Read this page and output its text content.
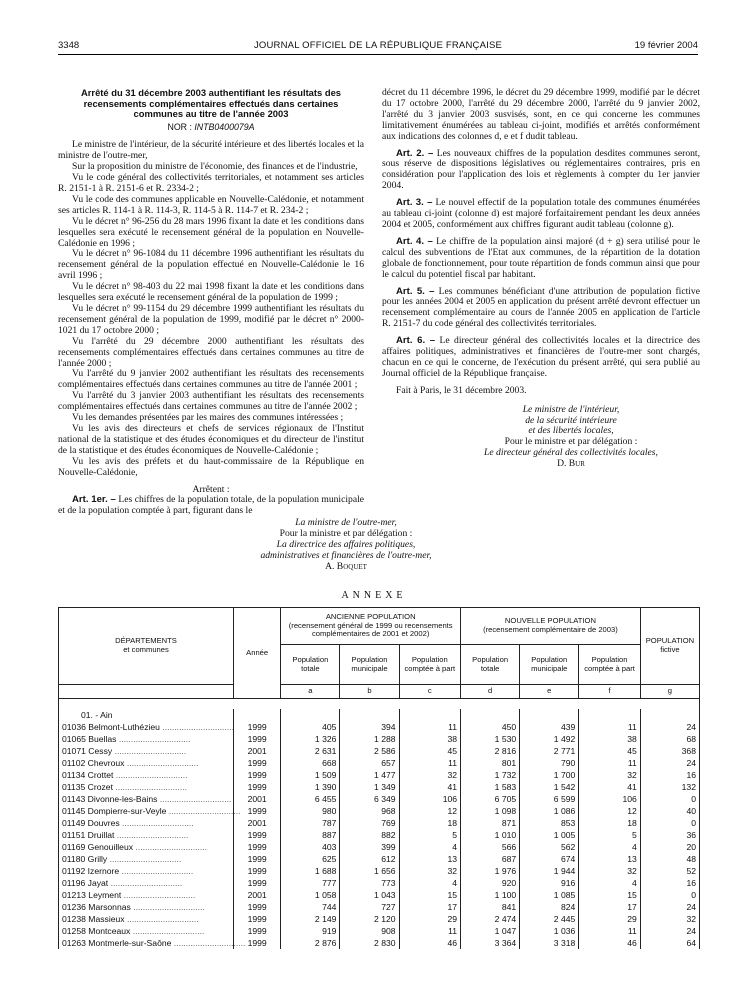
3348	JOURNAL OFFICIEL DE LA RÉPUBLIQUE FRANÇAISE	19 février 2004

Arrêté du 31 décembre 2003 authentifiant les résultats des recensements complémentaires effectués dans certaines communes au titre de l'année 2003

NOR : INTB0400079A

Le ministre de l'intérieur, de la sécurité intérieure et des libertés locales et la ministre de l'outre-mer,

Sur la proposition du ministre de l'économie, des finances et de l'industrie,

Vu le code général des collectivités territoriales, et notamment ses articles R. 2151-1 à R. 2151-6 et R. 2334-2 ;

Vu le code des communes applicable en Nouvelle-Calédonie, et notamment ses articles R. 114-1 à R. 114-3, R. 114-5 à R. 114-7 et R. 234-2 ;

Vu le décret n° 96-256 du 28 mars 1996 fixant la date et les conditions dans lesquelles sera exécuté le recensement général de la population en Nouvelle-Calédonie en 1996 ;

Vu le décret n° 96-1084 du 11 décembre 1996 authentifiant les résultats du recensement général de la population effectué en Nouvelle-Calédonie le 16 avril 1996 ;

Vu le décret n° 98-403 du 22 mai 1998 fixant la date et les conditions dans lesquelles sera exécuté le recensement général de la population de 1999 ;

Vu le décret n° 99-1154 du 29 décembre 1999 authentifiant les résultats du recensement général de la population de 1999, modifié par le décret n° 2000-1021 du 17 octobre 2000 ;

Vu l'arrêté du 29 décembre 2000 authentifiant les résultats des recensements complémentaires effectués dans certaines communes au titre de l'année 2000 ;

Vu l'arrêté du 9 janvier 2002 authentifiant les résultats des recensements complémentaires effectués dans certaines communes au titre de l'année 2001 ;

Vu l'arrêté du 3 janvier 2003 authentifiant les résultats des recensements complémentaires effectués dans certaines communes au titre de l'année 2002 ;

Vu les demandes présentées par les maires des communes intéressées ;

Vu les avis des directeurs et chefs de services régionaux de l'Institut national de la statistique et des études économiques et du directeur de l'institut de la statistique et des études économiques de Nouvelle-Calédonie ;

Vu les avis des préfets et du haut-commissaire de la République en Nouvelle-Calédonie,

Arrêtent :

Art. 1er. – Les chiffres de la population totale, de la population municipale et de la population comptée à part, figurant dans le

décret du 11 décembre 1996, le décret du 29 décembre 1999, modifié par le décret du 17 octobre 2000, l'arrêté du 29 décembre 2000, l'arrêté du 9 janvier 2002, l'arrêté du 3 janvier 2003 susvisés, sont, en ce qui concerne les communes limitativement énumérées au tableau ci-joint, modifiés et arrêtés conformément aux indications des colonnes d, e et f dudit tableau.

Art. 2. – Les nouveaux chiffres de la population desdites communes seront, sous réserve de dispositions législatives ou réglementaires contraires, pris en considération pour l'application des lois et règlements à compter du 1er janvier 2004.

Art. 3. – Le nouvel effectif de la population totale des communes énumérées au tableau ci-joint (colonne d) est majoré forfaitairement pendant les deux années 2004 et 2005, conformément aux chiffres figurant audit tableau (colonne g).

Art. 4. – Le chiffre de la population ainsi majoré (d + g) sera utilisé pour le calcul des subventions de l'Etat aux communes, de la répartition de la dotation globale de fonctionnement, pour toute répartition de fonds commun ainsi que pour le calcul du potentiel fiscal par habitant.

Art. 5. – Les communes bénéficiant d'une attribution de population fictive pour les années 2004 et 2005 en application du présent arrêté devront effectuer un recensement complémentaire au cours de l'année 2005 en application de l'article R. 2151-7 du code général des collectivités territoriales.

Art. 6. – Le directeur général des collectivités locales et la directrice des affaires politiques, administratives et financières de l'outre-mer sont chargés, chacun en ce qui le concerne, de l'exécution du présent arrêté, qui sera publié au Journal officiel de la République française.

Fait à Paris, le 31 décembre 2003.

Le ministre de l'intérieur,

de la sécurité intérieure

et des libertés locales,

Pour le ministre et par délégation :

Le directeur général des collectivités locales,

D. Bur

La ministre de l'outre-mer,

Pour la ministre et par délégation :

La directrice des affaires politiques,

administratives et financières de l'outre-mer,

A. Boquet

ANNEXE
DÉPARTEMENTS
et communes	Année	ANCIENNE POPULATION
(recensement général de 1999 ou recensements complémentaires de 2001 et 2002)			NOUVELLE POPULATION
(recensement complémentaire de 2003)			POPULATION fictive
		Population totale	Population municipale	Population comptée à part	Population totale	Population municipale	Population comptée à part	
		a	b	c	d	e	f	g

01. - Ain								
01036 Belmont-Luthézieu ..............................	1999	405	394	11	450	439	11	24
01065 Buellas ..............................	1999	1 326	1 288	38	1 530	1 492	38	68
01071 Cessy ..............................	2001	2 631	2 586	45	2 816	2 771	45	368
01102 Chevroux ..............................	1999	668	657	11	801	790	11	24
01134 Crottet ..............................	1999	1 509	1 477	32	1 732	1 700	32	16
01135 Crozet ..............................	1999	1 390	1 349	41	1 583	1 542	41	132
01143 Divonne-les-Bains ..............................	2001	6 455	6 349	106	6 705	6 599	106	0
01145 Dompierre-sur-Veyle ..............................	1999	980	968	12	1 098	1 086	12	40
01149 Douvres ..............................	2001	787	769	18	871	853	18	0
01151 Druillat ..............................	1999	887	882	5	1 010	1 005	5	36
01169 Genouilleux ..............................	1999	403	399	4	566	562	4	20
01180 Grilly ..............................	1999	625	612	13	687	674	13	48
01192 Izernore ..............................	1999	1 688	1 656	32	1 976	1 944	32	52
01196 Jayat ..............................	1999	777	773	4	920	916	4	16
01213 Leyment ..............................	2001	1 058	1 043	15	1 100	1 085	15	0
01236 Marsonnas ..............................	1999	744	727	17	841	824	17	24
01238 Massieux ..............................	1999	2 149	2 120	29	2 474	2 445	29	32
01258 Montceaux ..............................	1999	919	908	11	1 047	1 036	11	24
01263 Montmerle-sur-Saône ..............................	1999	2 876	2 830	46	3 364	3 318	46	64
